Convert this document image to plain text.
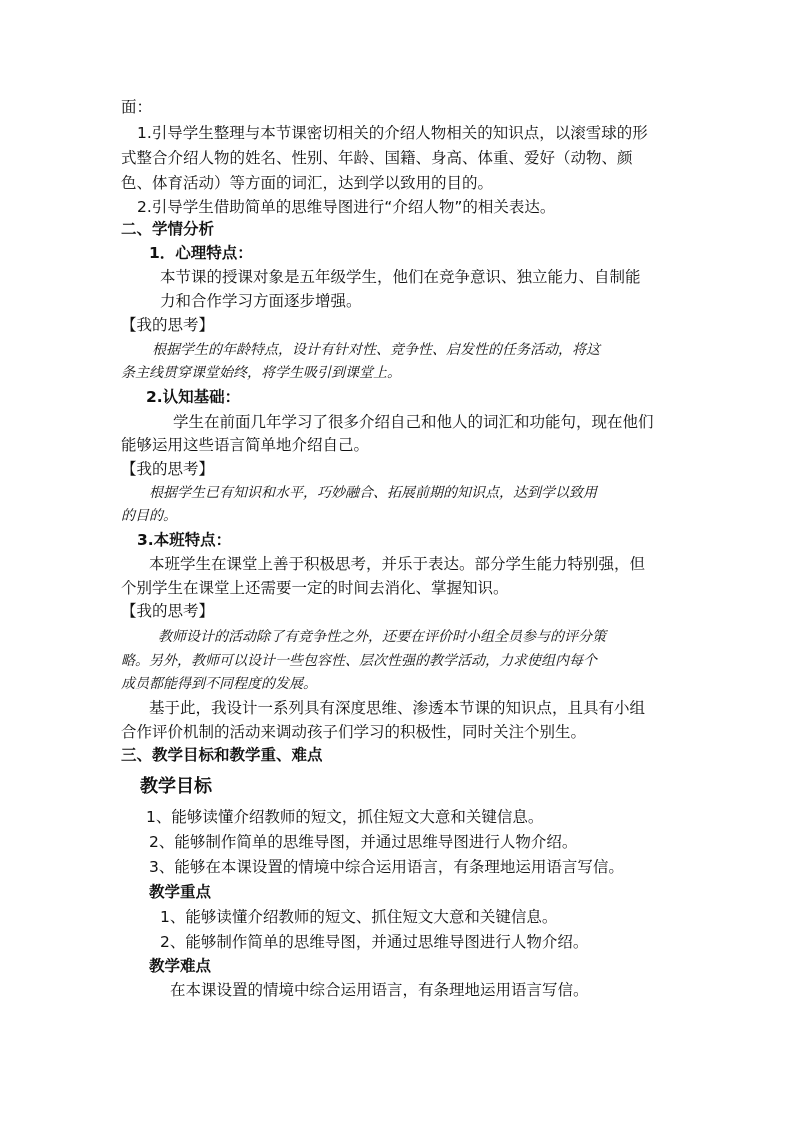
面：
1.引导学生整理与本节课密切相关的介绍人物相关的知识点，以滚雪球的形
式整合介绍人物的姓名、性别、年龄、国籍、身高、体重、爱好（动物、颜
色、体育活动）等方面的词汇，达到学以致用的目的。
2.引导学生借助简单的思维导图进行“介绍人物”的相关表达。
二、学情分析
1．心理特点：
本节课的授课对象是五年级学生，他们在竞争意识、独立能力、自制能
力和合作学习方面逐步增强。
【我的思考】
根据学生的年龄特点，设计有针对性、竞争性、启发性的任务活动，将这
条主线贯穿课堂始终，将学生吸引到课堂上。
2.认知基础：
学生在前面几年学习了很多介绍自己和他人的词汇和功能句，现在他们
能够运用这些语言简单地介绍自己。
【我的思考】
根据学生已有知识和水平，巧妙融合、拓展前期的知识点，达到学以致用
的目的。
3.本班特点：
本班学生在课堂上善于积极思考，并乐于表达。部分学生能力特别强，但
个别学生在课堂上还需要一定的时间去消化、掌握知识。
【我的思考】
教师设计的活动除了有竞争性之外，还要在评价时小组全员参与的评分策
略。另外，教师可以设计一些包容性、层次性强的教学活动，力求使组内每个
成员都能得到不同程度的发展。
基于此，我设计一系列具有深度思维、渗透本节课的知识点，且具有小组
合作评价机制的活动来调动孩子们学习的积极性，同时关注个别生。
三、教学目标和教学重、难点
教学目标
1、能够读懂介绍教师的短文，抓住短文大意和关键信息。
2、能够制作简单的思维导图，并通过思维导图进行人物介绍。
3、能够在本课设置的情境中综合运用语言，有条理地运用语言写信。
教学重点
1、能够读懂介绍教师的短文、抓住短文大意和关键信息。
2、能够制作简单的思维导图，并通过思维导图进行人物介绍。
教学难点
在本课设置的情境中综合运用语言，有条理地运用语言写信。
